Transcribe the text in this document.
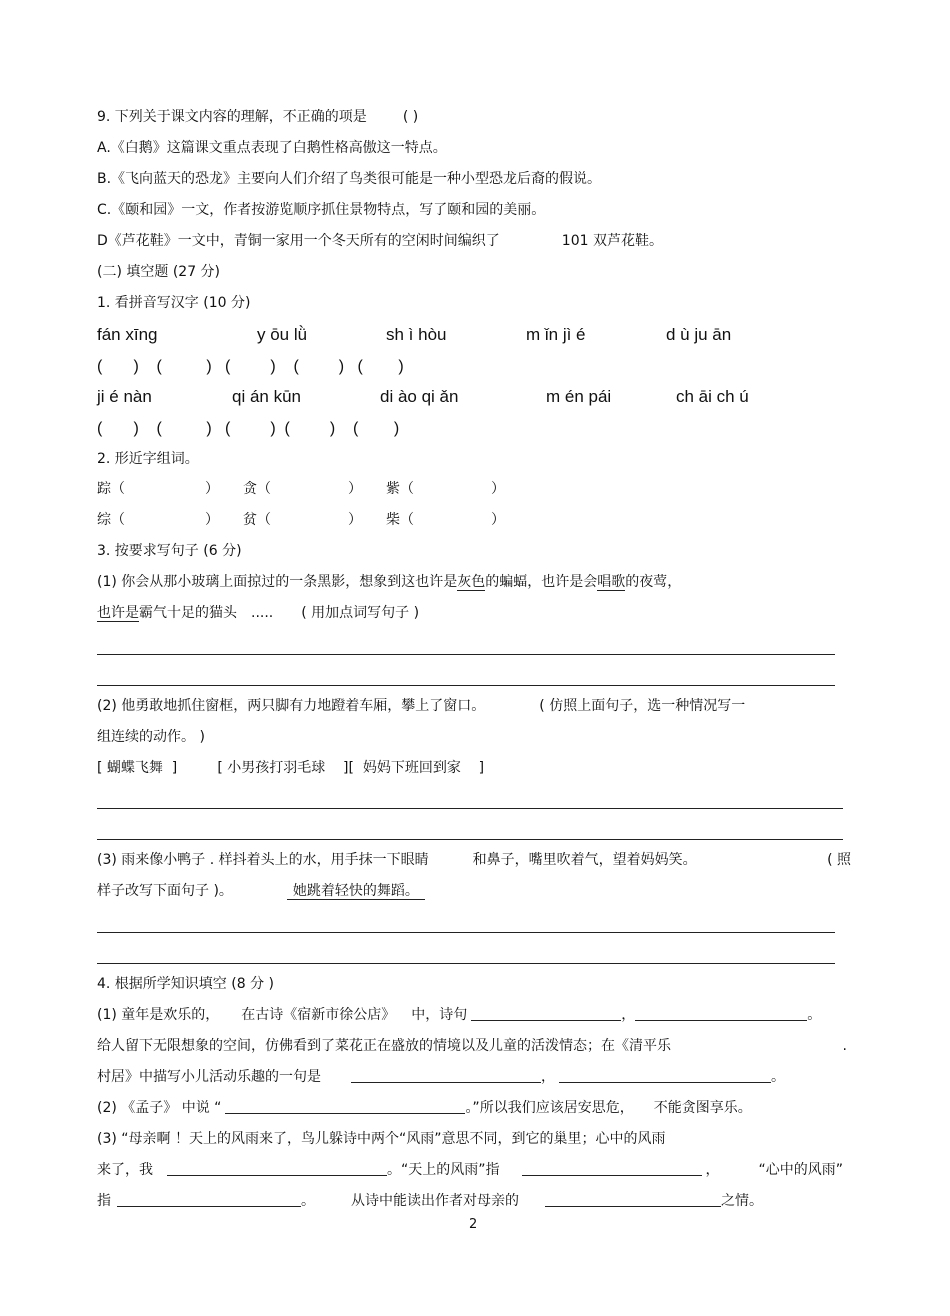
9. 下列关于课文内容的理解，不正确的项是	( )
A.《白鹅》这篇课文重点表现了白鹅性格高傲这一特点。
B.《飞向蓝天的恐龙》主要向人们介绍了鸟类很可能是一种小型恐龙后裔的假说。
C.《颐和园》一文，作者按游览顺序抓住景物特点，写了颐和园的美丽。
D《芦花鞋》一文中，青铜一家用一个冬天所有的空闲时间编织了	101 双芦花鞋。
(二) 填空题 (27 分)
1. 看拼音写汉字 (10 分)
fán xīng	y ōu lǜ	sh ì hòu	m ǐn jì é	d ù ju ān
(       )    (          )   (         )    (         )   (        )
ji é nàn	qi án kūn	di ào qi ǎn	m én pái	ch āi ch ú
(       )    (          )   (         )  (         )    (        )
2. 形近字组词。
踪（	） 贪（	） 紫（	）
综（	） 贫（	） 柴（	）
3. 按要求写句子 (6 分)
(1) 你会从那小玻璃上面掠过的一条黑影，想象到这也许是灰色的蝙蝠，也许是会唱歌的夜莺，
也许是霸气十足的猫头 ..... ( 用加点词写句子 )
(2) 他勇敢地抓住窗框，两只脚有力地蹬着车厢，攀上了窗口。	( 仿照上面句子，选一种情况写一
组连续的动作。 )
[ 蝴蝶飞舞  ]         [ 小男孩打羽毛球    ][  妈妈下班回到家    ]
(3) 雨来像小鸭子 . 样抖着头上的水，用手抹一下眼睛	和鼻子，嘴里吹着气，望着妈妈笑。	( 照
样子改写下面句子 )。	她跳着轻快的舞蹈。
4. 根据所学知识填空 (8 分 )
(1) 童年是欢乐的， 在古诗《宿新市徐公店》 中，诗句	，	。
给人留下无限想象的空间，仿佛看到了菜花正在盛放的情境以及儿童的活泼情态；在《清平乐	.
村居》中描写小儿活动乐趣的一句是	，	。
(2) 《孟子》 中说 “	。”所以我们应该居安思危， 不能贪图享乐。
(3) “母亲啊 ！天上的风雨来了，鸟儿躲诗中两个“风雨”意思不同，到它的巢里；心中的风雨
来了，我	。“天上的风雨”指	，	“心中的风雨”
指	。	从诗中能读出作者对母亲的	之情。
2
